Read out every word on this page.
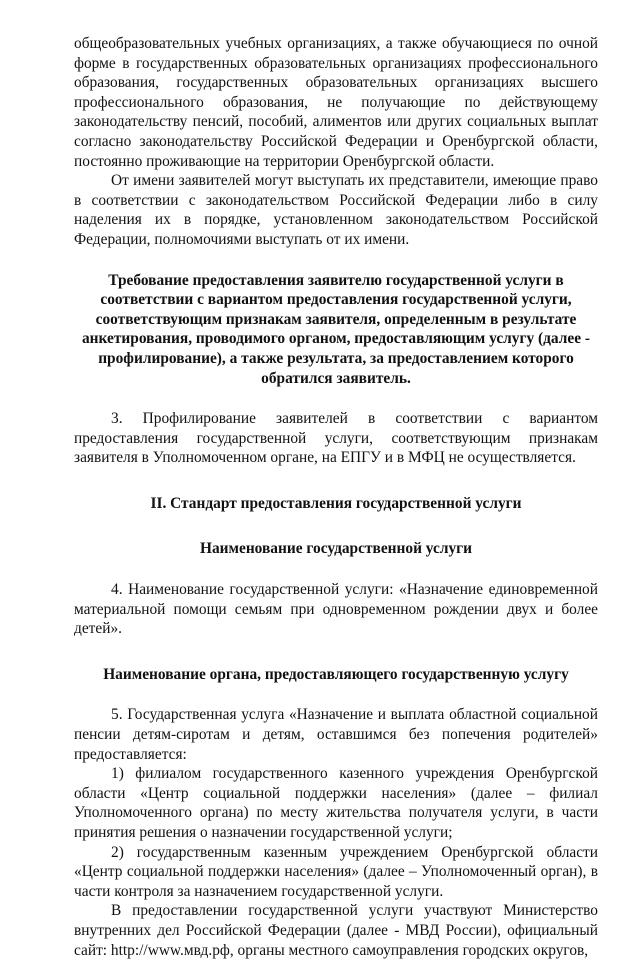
общеобразовательных учебных организациях, а также обучающиеся по очной форме в государственных образовательных организациях профессионального образования, государственных образовательных организациях высшего профессионального образования, не получающие по действующему законодательству пенсий, пособий, алиментов или других социальных выплат согласно законодательству Российской Федерации и Оренбургской области, постоянно проживающие на территории Оренбургской области.

От имени заявителей могут выступать их представители, имеющие право в соответствии с законодательством Российской Федерации либо в силу наделения их в порядке, установленном законодательством Российской Федерации, полномочиями выступать от их имени.

Требование предоставления заявителю государственной услуги в соответствии с вариантом предоставления государственной услуги, соответствующим признакам заявителя, определенным в результате анкетирования, проводимого органом, предоставляющим услугу (далее - профилирование), а также результата, за предоставлением которого обратился заявитель.

3. Профилирование заявителей в соответствии с вариантом предоставления государственной услуги, соответствующим признакам заявителя в Уполномоченном органе, на ЕПГУ и в МФЦ не осуществляется.

II. Стандарт предоставления государственной услуги

Наименование государственной услуги

4. Наименование государственной услуги: «Назначение единовременной материальной помощи семьям при одновременном рождении двух и более детей».

Наименование органа, предоставляющего государственную услугу

5. Государственная услуга «Назначение и выплата областной социальной пенсии детям-сиротам и детям, оставшимся без попечения родителей» предоставляется:

1) филиалом государственного казенного учреждения Оренбургской области «Центр социальной поддержки населения» (далее – филиал Уполномоченного органа) по месту жительства получателя услуги, в части принятия решения о назначении государственной услуги;

2) государственным казенным учреждением Оренбургской области «Центр социальной поддержки населения» (далее – Уполномоченный орган), в части контроля за назначением государственной услуги.

В предоставлении государственной услуги участвуют Министерство внутренних дел Российской Федерации (далее - МВД России), официальный сайт: http://www.мвд.рф, органы местного самоуправления городских округов,
